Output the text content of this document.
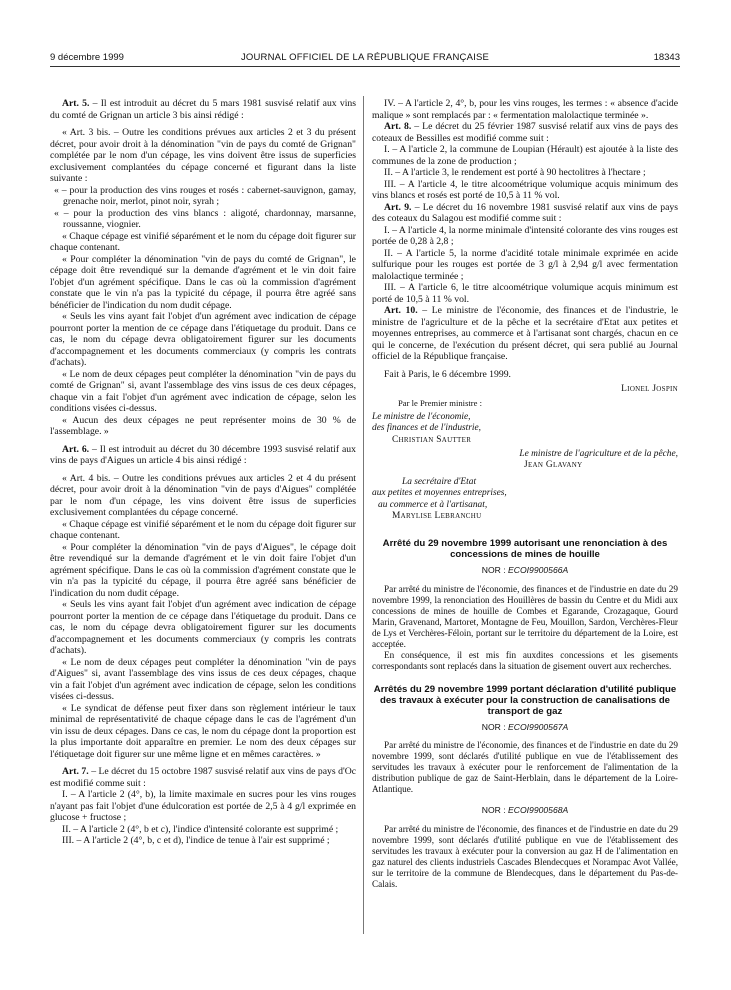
9 décembre 1999	JOURNAL OFFICIEL DE LA RÉPUBLIQUE FRANÇAISE	18343

Art. 5. – Il est introduit au décret du 5 mars 1981 susvisé relatif aux vins du comté de Grignan un article 3 bis ainsi rédigé :

« Art. 3 bis. – Outre les conditions prévues aux articles 2 et 3 du présent décret, pour avoir droit à la dénomination "vin de pays du comté de Grignan" complétée par le nom d'un cépage, les vins doivent être issus de superficies exclusivement complantées du cépage concerné et figurant dans la liste suivante :

« – pour la production des vins rouges et rosés : cabernet-sauvignon, gamay, grenache noir, merlot, pinot noir, syrah ;

« – pour la production des vins blancs : aligoté, chardonnay, marsanne, roussanne, viognier.

« Chaque cépage est vinifié séparément et le nom du cépage doit figurer sur chaque contenant.

« Pour compléter la dénomination "vin de pays du comté de Grignan", le cépage doit être revendiqué sur la demande d'agrément et le vin doit faire l'objet d'un agrément spécifique. Dans le cas où la commission d'agrément constate que le vin n'a pas la typicité du cépage, il pourra être agréé sans bénéficier de l'indication du nom dudit cépage.

« Seuls les vins ayant fait l'objet d'un agrément avec indication de cépage pourront porter la mention de ce cépage dans l'étiquetage du produit. Dans ce cas, le nom du cépage devra obligatoirement figurer sur les documents d'accompagnement et les documents commerciaux (y compris les contrats d'achats).

« Le nom de deux cépages peut compléter la dénomination "vin de pays du comté de Grignan" si, avant l'assemblage des vins issus de ces deux cépages, chaque vin a fait l'objet d'un agrément avec indication de cépage, selon les conditions visées ci-dessus.

« Aucun des deux cépages ne peut représenter moins de 30 % de l'assemblage. »

Art. 6. – Il est introduit au décret du 30 décembre 1993 susvisé relatif aux vins de pays d'Aigues un article 4 bis ainsi rédigé :

« Art. 4 bis. – Outre les conditions prévues aux articles 2 et 4 du présent décret, pour avoir droit à la dénomination "vin de pays d'Aigues" complétée par le nom d'un cépage, les vins doivent être issus de superficies exclusivement complantées du cépage concerné.

« Chaque cépage est vinifié séparément et le nom du cépage doit figurer sur chaque contenant.

« Pour compléter la dénomination "vin de pays d'Aigues", le cépage doit être revendiqué sur la demande d'agrément et le vin doit faire l'objet d'un agrément spécifique. Dans le cas où la commission d'agrément constate que le vin n'a pas la typicité du cépage, il pourra être agréé sans bénéficier de l'indication du nom dudit cépage.

« Seuls les vins ayant fait l'objet d'un agrément avec indication de cépage pourront porter la mention de ce cépage dans l'étiquetage du produit. Dans ce cas, le nom du cépage devra obligatoirement figurer sur les documents d'accompagnement et les documents commerciaux (y compris les contrats d'achats).

« Le nom de deux cépages peut compléter la dénomination "vin de pays d'Aigues" si, avant l'assemblage des vins issus de ces deux cépages, chaque vin a fait l'objet d'un agrément avec indication de cépage, selon les conditions visées ci-dessus.

« Le syndicat de défense peut fixer dans son règlement intérieur le taux minimal de représentativité de chaque cépage dans le cas de l'agrément d'un vin issu de deux cépages. Dans ce cas, le nom du cépage dont la proportion est la plus importante doit apparaître en premier. Le nom des deux cépages sur l'étiquetage doit figurer sur une même ligne et en mêmes caractères. »

Art. 7. – Le décret du 15 octobre 1987 susvisé relatif aux vins de pays d'Oc est modifié comme suit :

I. – A l'article 2 (4°, b), la limite maximale en sucres pour les vins rouges n'ayant pas fait l'objet d'une édulcoration est portée de 2,5 à 4 g/l exprimée en glucose + fructose ;

II. – A l'article 2 (4°, b et c), l'indice d'intensité colorante est supprimé ;

III. – A l'article 2 (4°, b, c et d), l'indice de tenue à l'air est supprimé ;

IV. – A l'article 2, 4°, b, pour les vins rouges, les termes : « absence d'acide malique » sont remplacés par : « fermentation malolactique terminée ».

Art. 8. – Le décret du 25 février 1987 susvisé relatif aux vins de pays des coteaux de Bessilles est modifié comme suit :

I. – A l'article 2, la commune de Loupian (Hérault) est ajoutée à la liste des communes de la zone de production ;

II. – A l'article 3, le rendement est porté à 90 hectolitres à l'hectare ;

III. – A l'article 4, le titre alcoométrique volumique acquis minimum des vins blancs et rosés est porté de 10,5 à 11 % vol.

Art. 9. – Le décret du 16 novembre 1981 susvisé relatif aux vins de pays des coteaux du Salagou est modifié comme suit :

I. – A l'article 4, la norme minimale d'intensité colorante des vins rouges est portée de 0,28 à 2,8 ;

II. – A l'article 5, la norme d'acidité totale minimale exprimée en acide sulfurique pour les rouges est portée de 3 g/l à 2,94 g/l avec fermentation malolactique terminée ;

III. – A l'article 6, le titre alcoométrique volumique acquis minimum est porté de 10,5 à 11 % vol.

Art. 10. – Le ministre de l'économie, des finances et de l'industrie, le ministre de l'agriculture et de la pêche et la secrétaire d'Etat aux petites et moyennes entreprises, au commerce et à l'artisanat sont chargés, chacun en ce qui le concerne, de l'exécution du présent décret, qui sera publié au Journal officiel de la République française.

Fait à Paris, le 6 décembre 1999.

Lionel Jospin

Par le Premier ministre :

Le ministre de l'économie,

des finances et de l'industrie,

Christian Sautter

Le ministre de l'agriculture et de la pêche,

Jean Glavany

La secrétaire d'Etat

aux petites et moyennes entreprises,

au commerce et à l'artisanat,

Marylise Lebranchu

Arrêté du 29 novembre 1999 autorisant une renonciation à des concessions de mines de houille

NOR : ECOI9900566A

Par arrêté du ministre de l'économie, des finances et de l'industrie en date du 29 novembre 1999, la renonciation des Houillères de bassin du Centre et du Midi aux concessions de mines de houille de Combes et Egarande, Crozagaque, Gourd Marin, Gravenand, Martoret, Montagne de Feu, Mouillon, Sardon, Verchères-Fleur de Lys et Verchères-Féloin, portant sur le territoire du département de la Loire, est acceptée.

En conséquence, il est mis fin auxdites concessions et les gisements correspondants sont replacés dans la situation de gisement ouvert aux recherches.

Arrêtés du 29 novembre 1999 portant déclaration d'utilité publique des travaux à exécuter pour la construction de canalisations de transport de gaz

NOR : ECOI9900567A

Par arrêté du ministre de l'économie, des finances et de l'industrie en date du 29 novembre 1999, sont déclarés d'utilité publique en vue de l'établissement des servitudes les travaux à exécuter pour le renforcement de l'alimentation de la distribution publique de gaz de Saint-Herblain, dans le département de la Loire-Atlantique.

NOR : ECOI9900568A

Par arrêté du ministre de l'économie, des finances et de l'industrie en date du 29 novembre 1999, sont déclarés d'utilité publique en vue de l'établissement des servitudes les travaux à exécuter pour la conversion au gaz H de l'alimentation en gaz naturel des clients industriels Cascades Blendecques et Norampac Avot Vallée, sur le territoire de la commune de Blendecques, dans le département du Pas-de-Calais.
